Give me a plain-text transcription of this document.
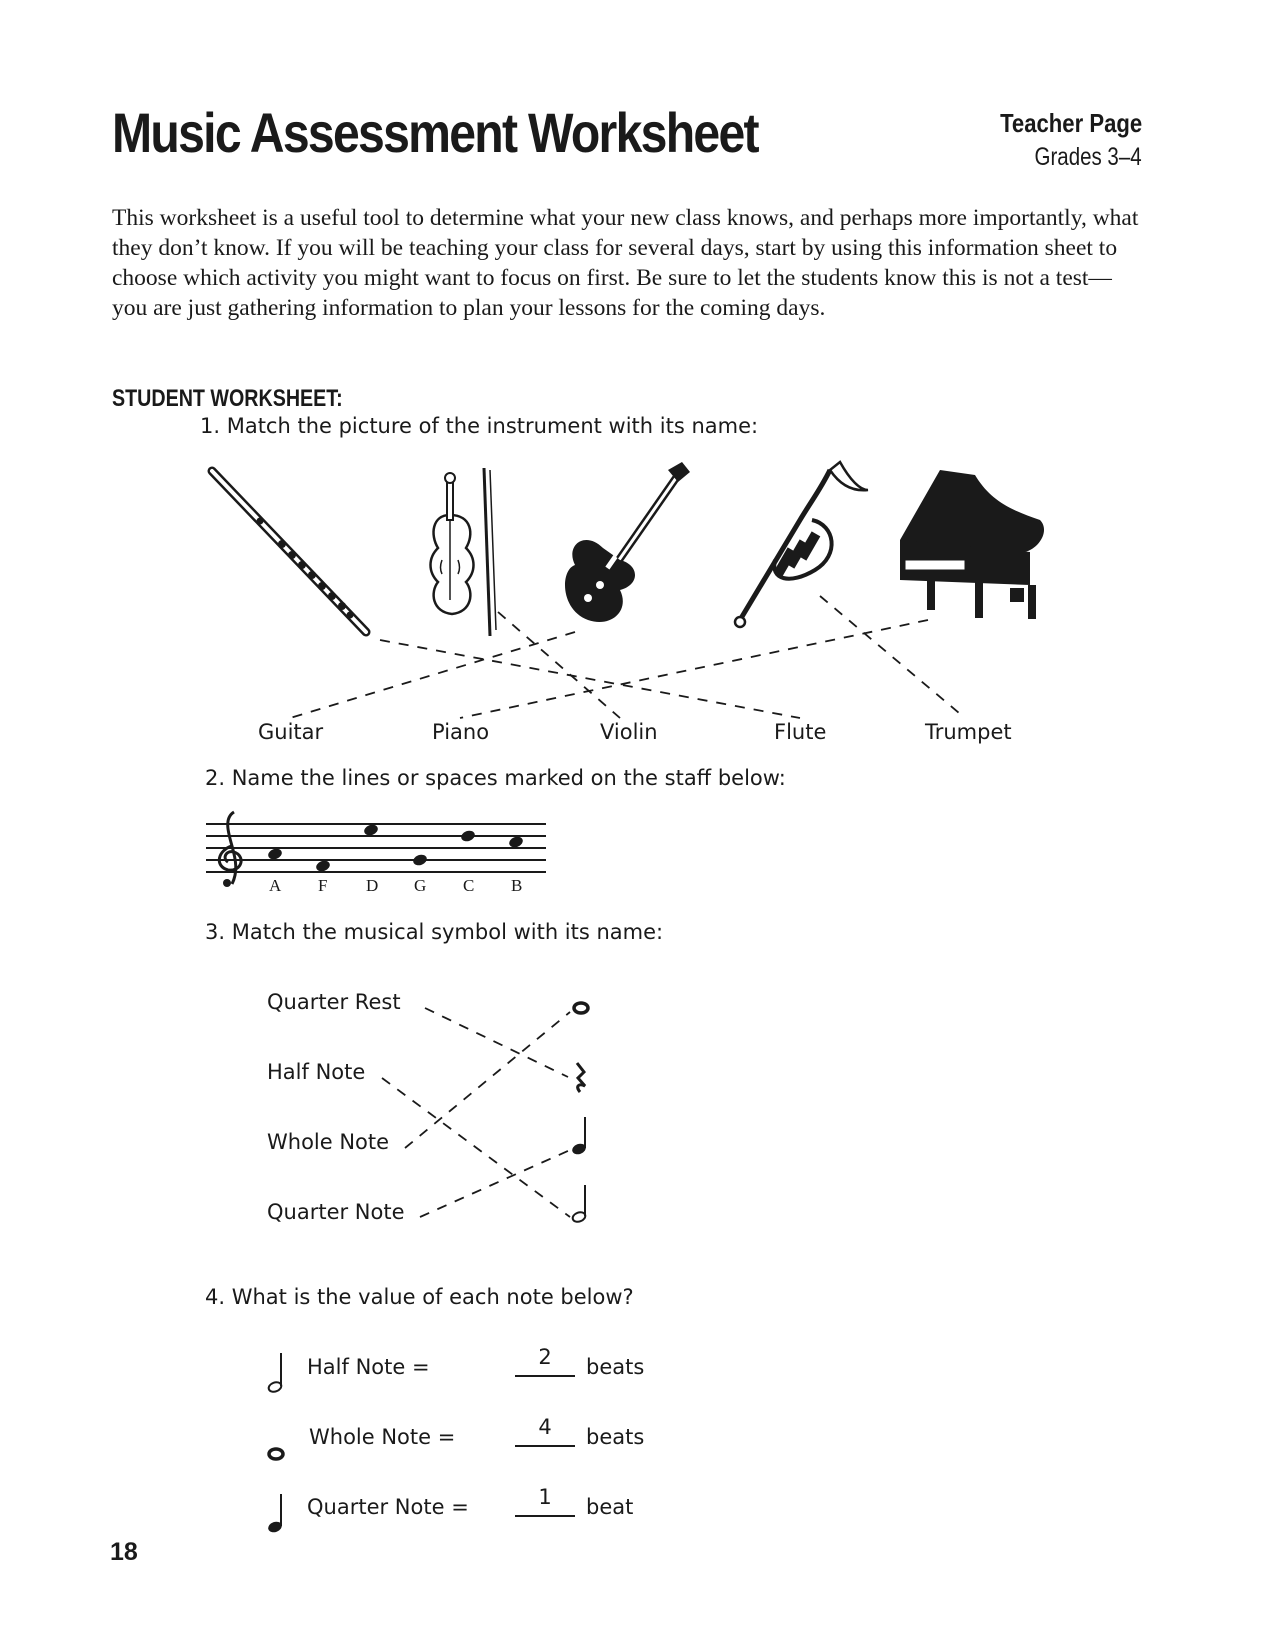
Music Assessment Worksheet	Teacher Page
Grades 3–4
This worksheet is a useful tool to determine what your new class knows, and perhaps more importantly, what they don’t know. If you will be teaching your class for several days, start by using this information sheet to choose which activity you might want to focus on first. Be sure to let the students know this is not a test—you are just gathering information to plan your lessons for the coming days.
STUDENT WORKSHEET:
1. Match the picture of the instrument with its name:
Guitar	Piano	Violin	Flute	Trumpet
2. Name the lines or spaces marked on the staff below:
A F D G C B
3. Match the musical symbol with its name:
Quarter Rest
Half Note
Whole Note
Quarter Note
4. What is the value of each note below?
Half Note =	2	beats
Whole Note =	4	beats
Quarter Note =	1	beat
18
